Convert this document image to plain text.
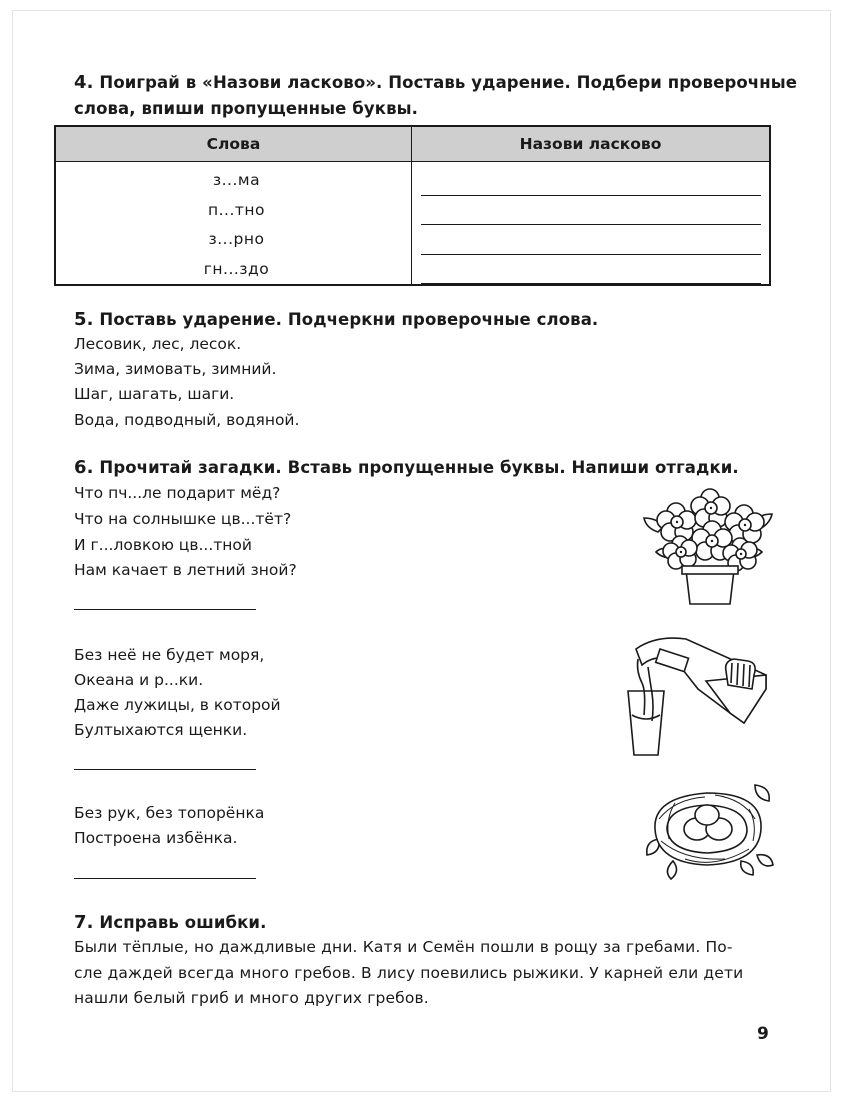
4. Поиграй в «Назови ласково». Поставь ударение. Подбери проверочные
слова, впиши пропущенные буквы.
Слова	Назови ласково

з...ма
п...тно
з...рно
гн...здо	

5. Поставь ударение. Подчеркни проверочные слова.
Лесовик, лес, лесок.
Зима, зимовать, зимний.
Шаг, шагать, шаги.
Вода, подводный, водяной.
6. Прочитай загадки. Вставь пропущенные буквы. Напиши отгадки.
Что пч...ле подарит мёд?
Что на солнышке цв...тёт?
И г...ловкою цв...тной
Нам качает в летний зной?
Без неё не будет моря,
Океана и р...ки.
Даже лужицы, в которой
Бултыхаются щенки.
Без рук, без топорёнка
Построена избёнка.
7. Исправь ошибки.
Были тёплые, но даждливые дни. Катя и Семён пошли в рощу за гребами. По-
сле даждей всегда много гребов. В лису поевились рыжики. У карней ели дети
нашли белый гриб и много других гребов.
9
